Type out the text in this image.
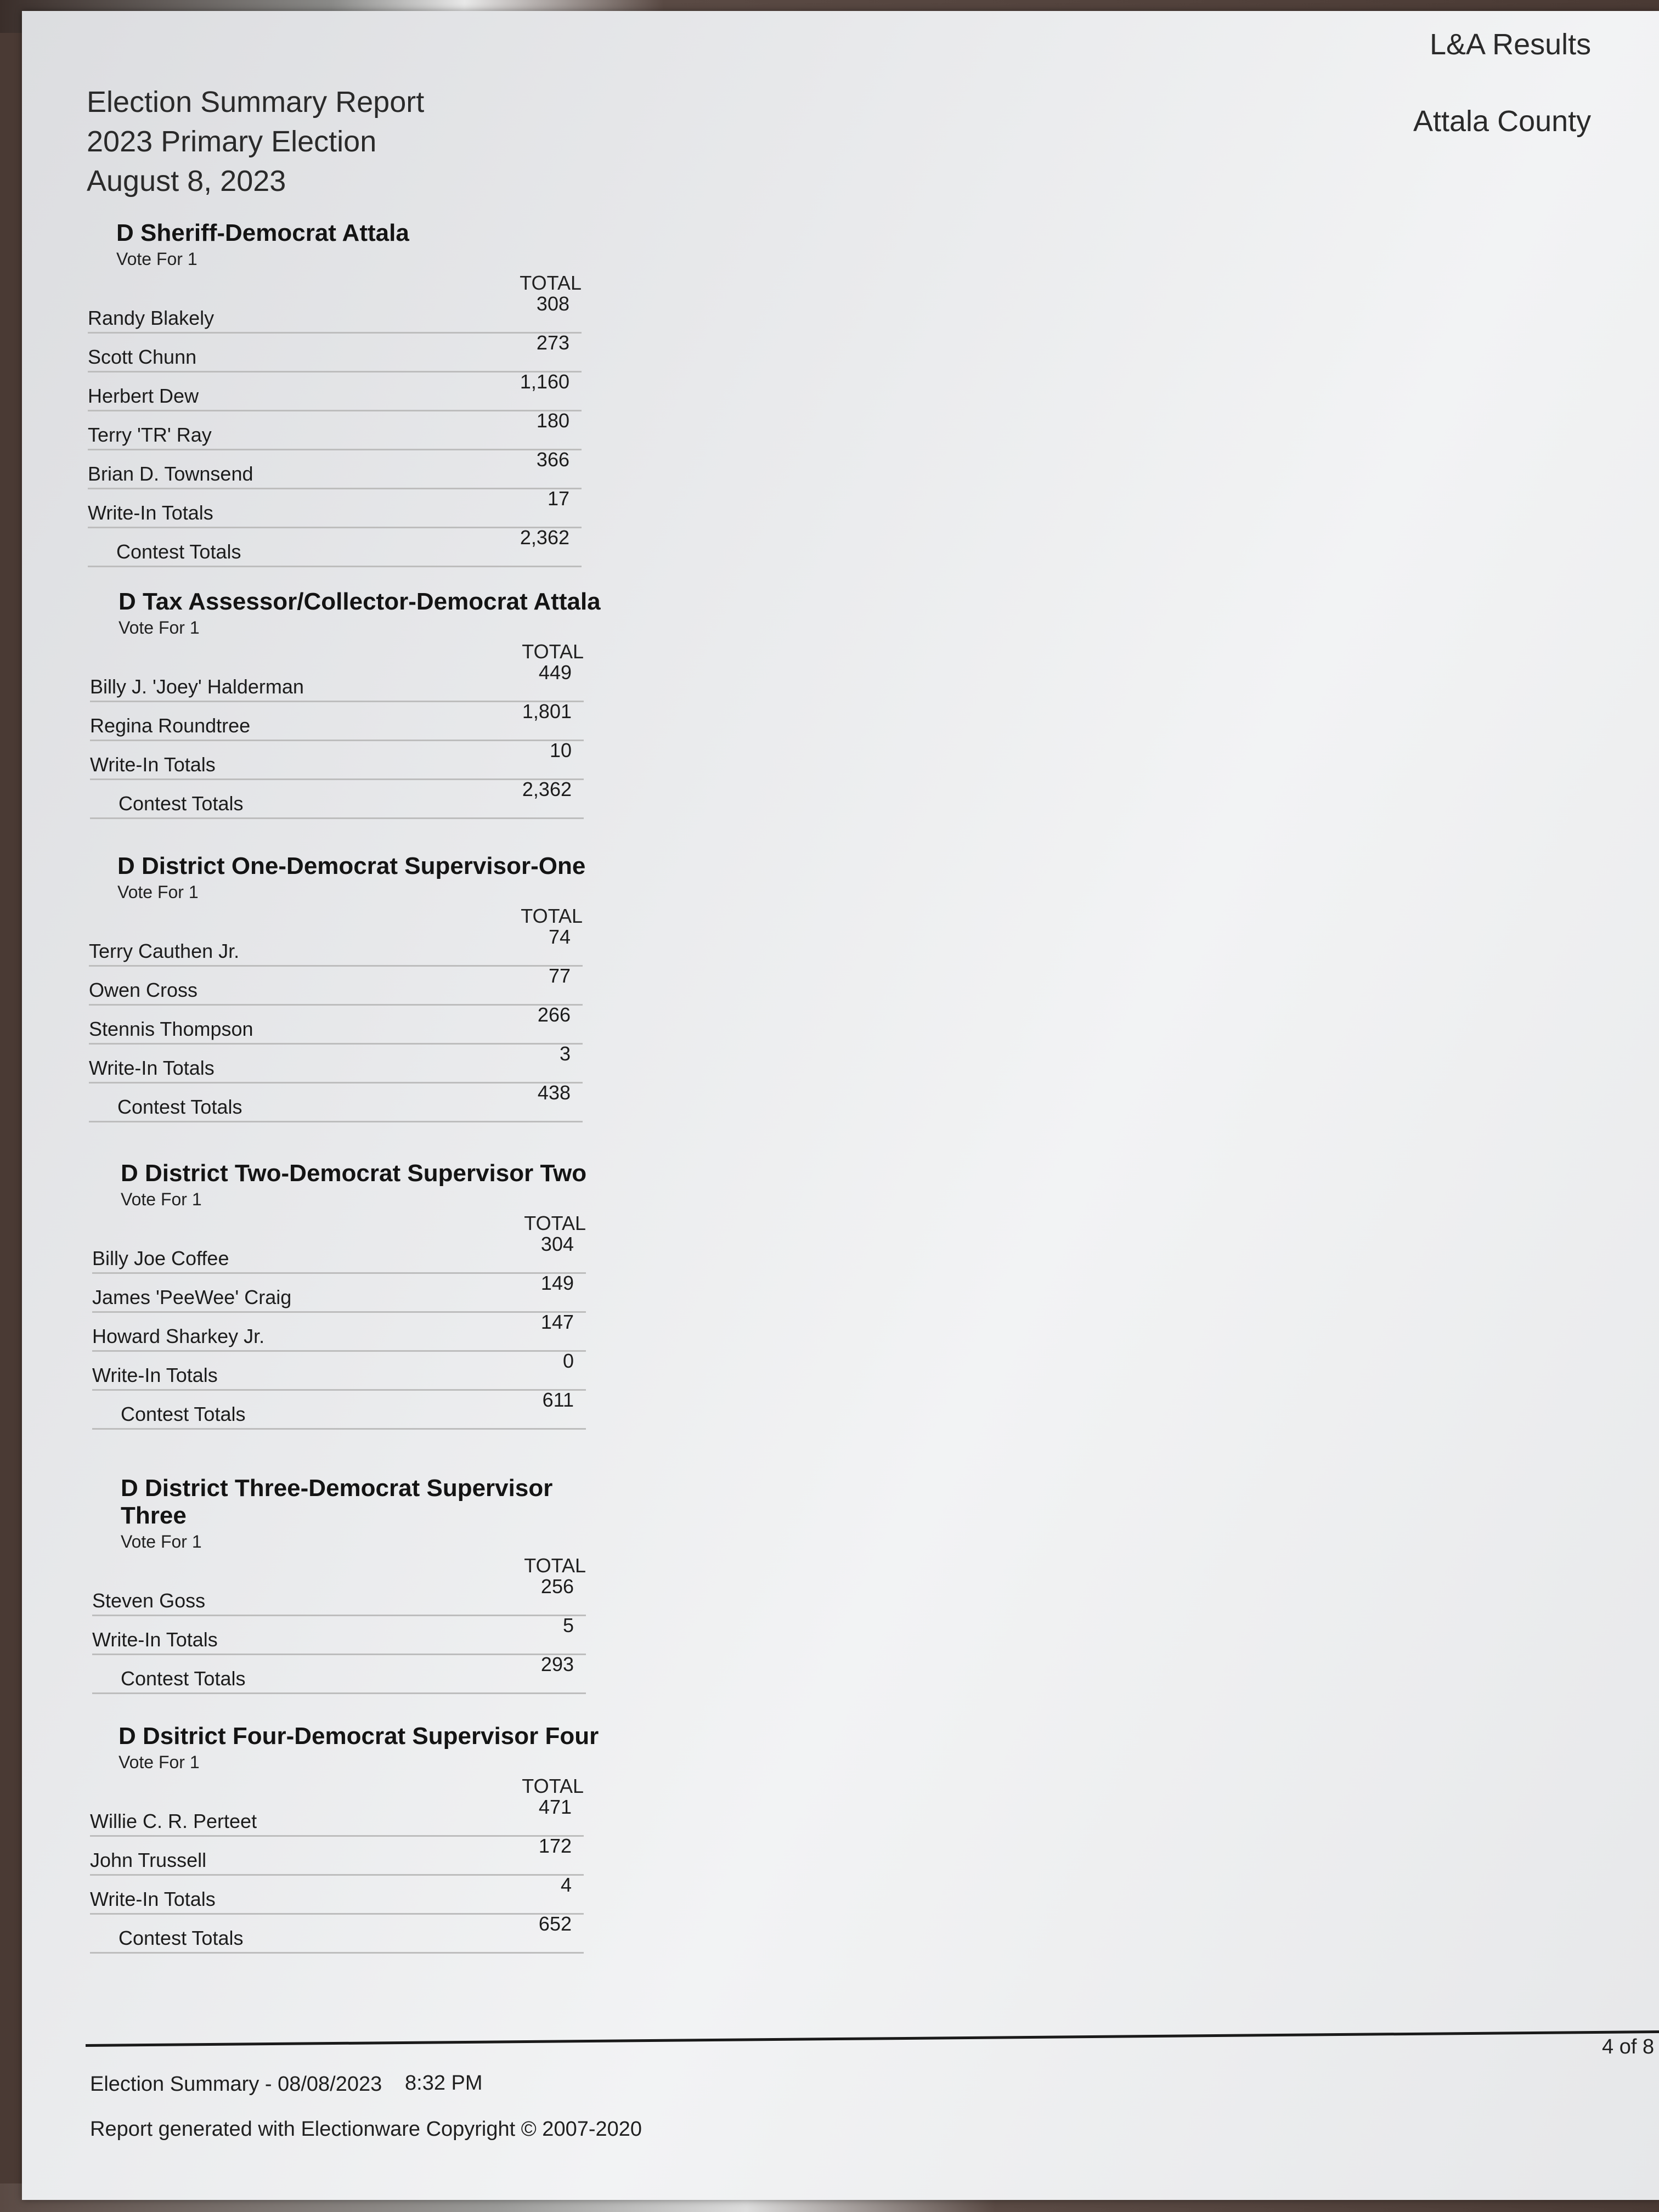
Election Summary Report
2023 Primary Election
August 8, 2023
L&A Results
Attala County
D Sheriff-Democrat Attala
Vote For 1
TOTAL
Randy Blakely
308
Scott Chunn
273
Herbert Dew
1,160
Terry 'TR' Ray
180
Brian D. Townsend
366
Write-In Totals
17
Contest Totals
2,362
D Tax Assessor/Collector-Democrat Attala
Vote For 1
TOTAL
Billy J. 'Joey' Halderman
449
Regina Roundtree
1,801
Write-In Totals
10
Contest Totals
2,362
D District One-Democrat Supervisor-One
Vote For 1
TOTAL
Terry Cauthen Jr.
74
Owen Cross
77
Stennis Thompson
266
Write-In Totals
3
Contest Totals
438
D District Two-Democrat Supervisor Two
Vote For 1
TOTAL
Billy Joe Coffee
304
James 'PeeWee' Craig
149
Howard Sharkey Jr.
147
Write-In Totals
0
Contest Totals
611
D District Three-Democrat Supervisor Three
Vote For 1
TOTAL
Steven Goss
256
Write-In Totals
5
Contest Totals
293
D Dsitrict Four-Democrat Supervisor Four
Vote For 1
TOTAL
Willie C. R. Perteet
471
John Trussell
172
Write-In Totals
4
Contest Totals
652
Election Summary - 08/08/2023 8:32 PM
Report generated with Electionware Copyright © 2007-2020
4 of 8
